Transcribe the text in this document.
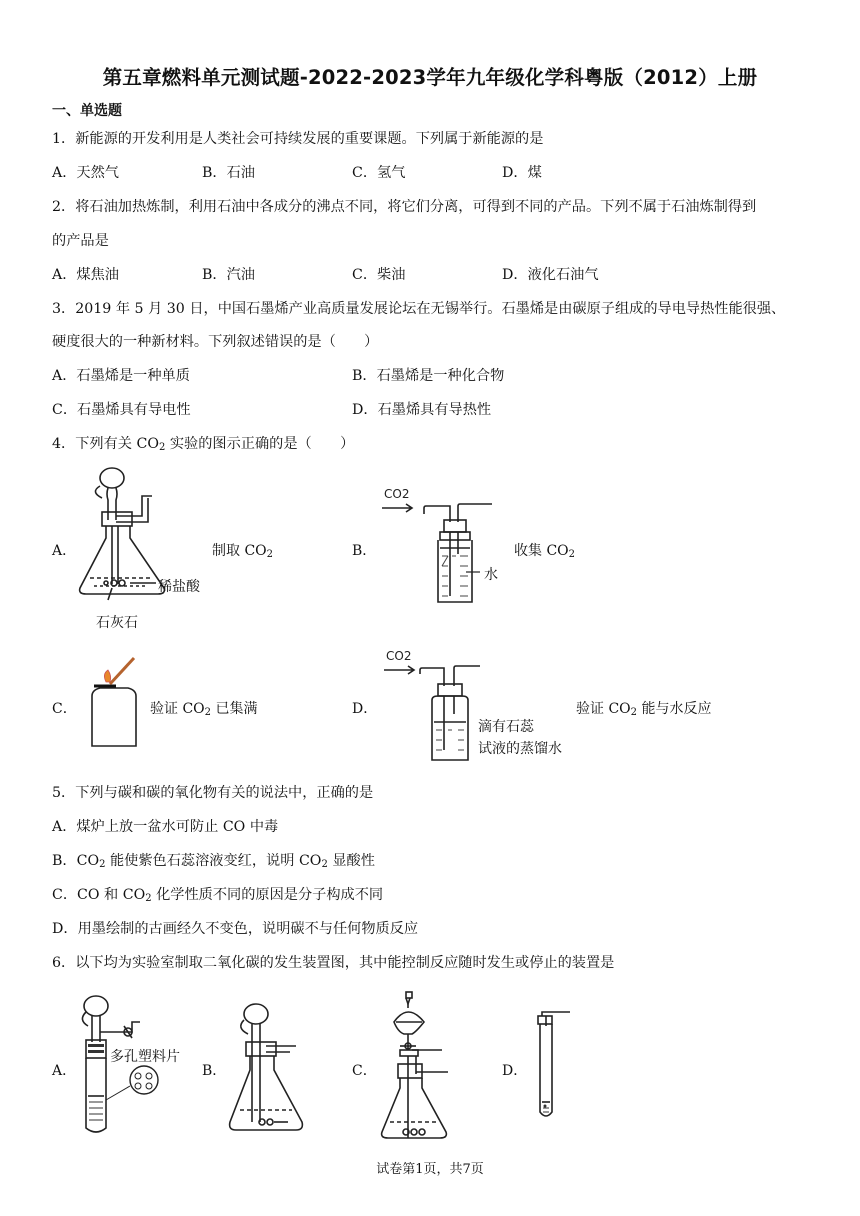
第五章燃料单元测试题-2022-2023学年九年级化学科粤版（2012）上册
一、单选题
1．新能源的开发利用是人类社会可持续发展的重要课题。下列属于新能源的是
A．天然气	B．石油	C．氢气	D．煤
2．将石油加热炼制，利用石油中各成分的沸点不同，将它们分离，可得到不同的产品。下列不属于石油炼制得到
的产品是
A．煤焦油	B．汽油	C．柴油	D．液化石油气
3．2019 年 5 月 30 日，中国石墨烯产业高质量发展论坛在无锡举行。石墨烯是由碳原子组成的导电导热性能很强、
硬度很大的一种新材料。下列叙述错误的是（　　）
A．石墨烯是一种单质	B．石墨烯是一种化合物
C．石墨烯具有导电性	D．石墨烯具有导热性
4．下列有关 $CO_2$ 实验的图示正确的是（　　）
A．
稀盐酸
石灰石
制取 $CO_2$	B．
CO2
水
收集 $CO_2$
C．	验证 $CO_2$ 已集满	D．
CO2
滴有石蕊
试液的蒸馏水
验证 $CO_2$ 能与水反应
5．下列与碳和碳的氧化物有关的说法中，正确的是
A．煤炉上放一盆水可防止 CO 中毒
B．$CO_2$ 能使紫色石蕊溶液变红，说明 $CO_2$ 显酸性
C．CO 和 $CO_2$ 化学性质不同的原因是分子构成不同
D．用墨绘制的古画经久不变色，说明碳不与任何物质反应
6．以下均为实验室制取二氧化碳的发生装置图，其中能控制反应随时发生或停止的装置是
A．
多孔塑料片
B．	C．	D．
试卷第1页，共7页
